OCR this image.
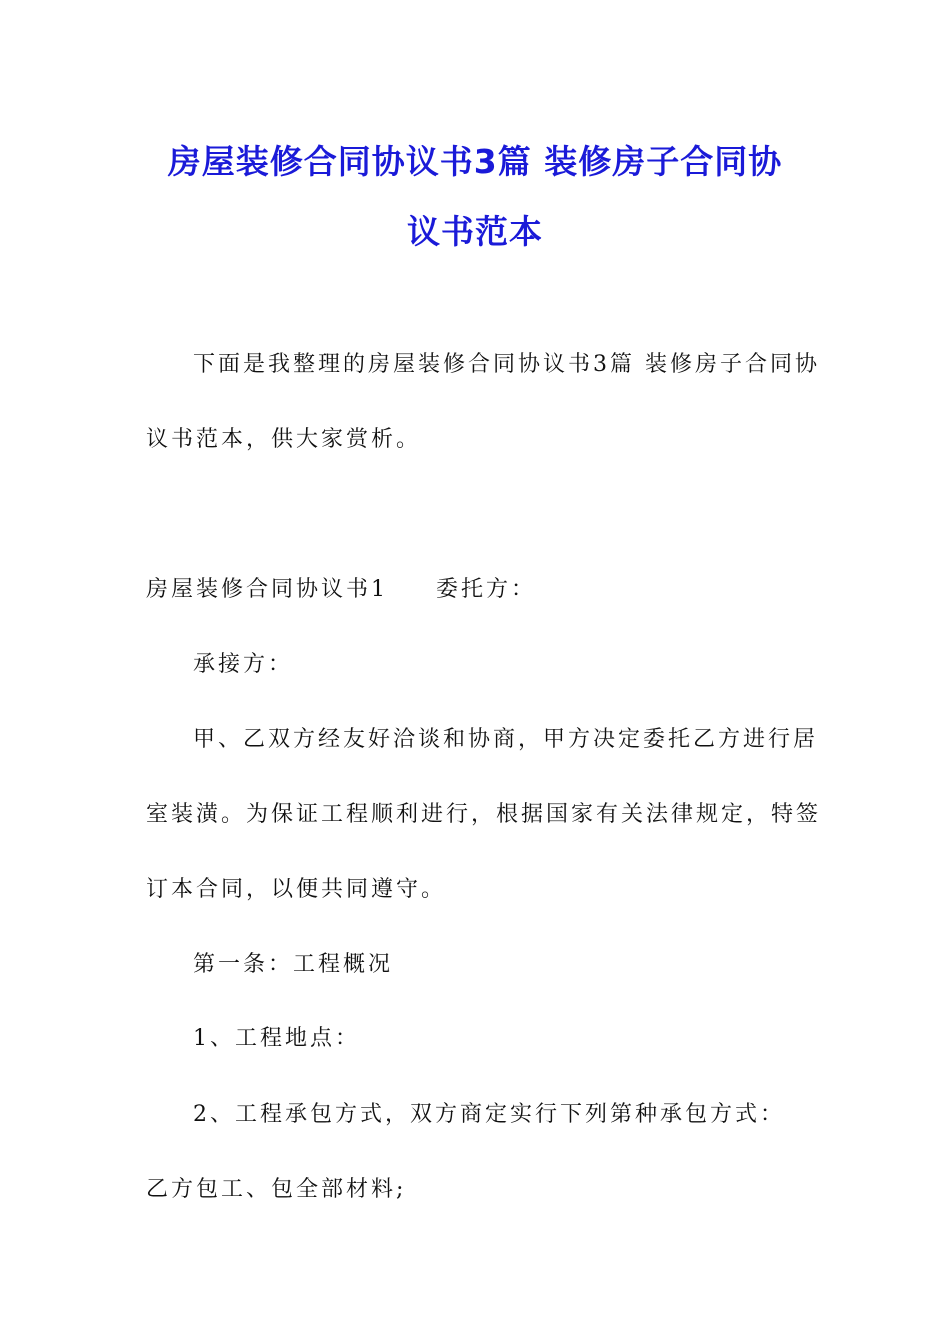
房屋装修合同协议书3篇 装修房子合同协
议书范本
下面是我整理的房屋装修合同协议书3篇 装修房子合同协
议书范本，供大家赏析。
房屋装修合同协议书1 委托方：
承接方：
甲、乙双方经友好洽谈和协商，甲方决定委托乙方进行居
室装潢。为保证工程顺利进行，根据国家有关法律规定，特签
订本合同，以便共同遵守。
第一条：工程概况
1、工程地点：
2、工程承包方式，双方商定实行下列第种承包方式：
乙方包工、包全部材料;
